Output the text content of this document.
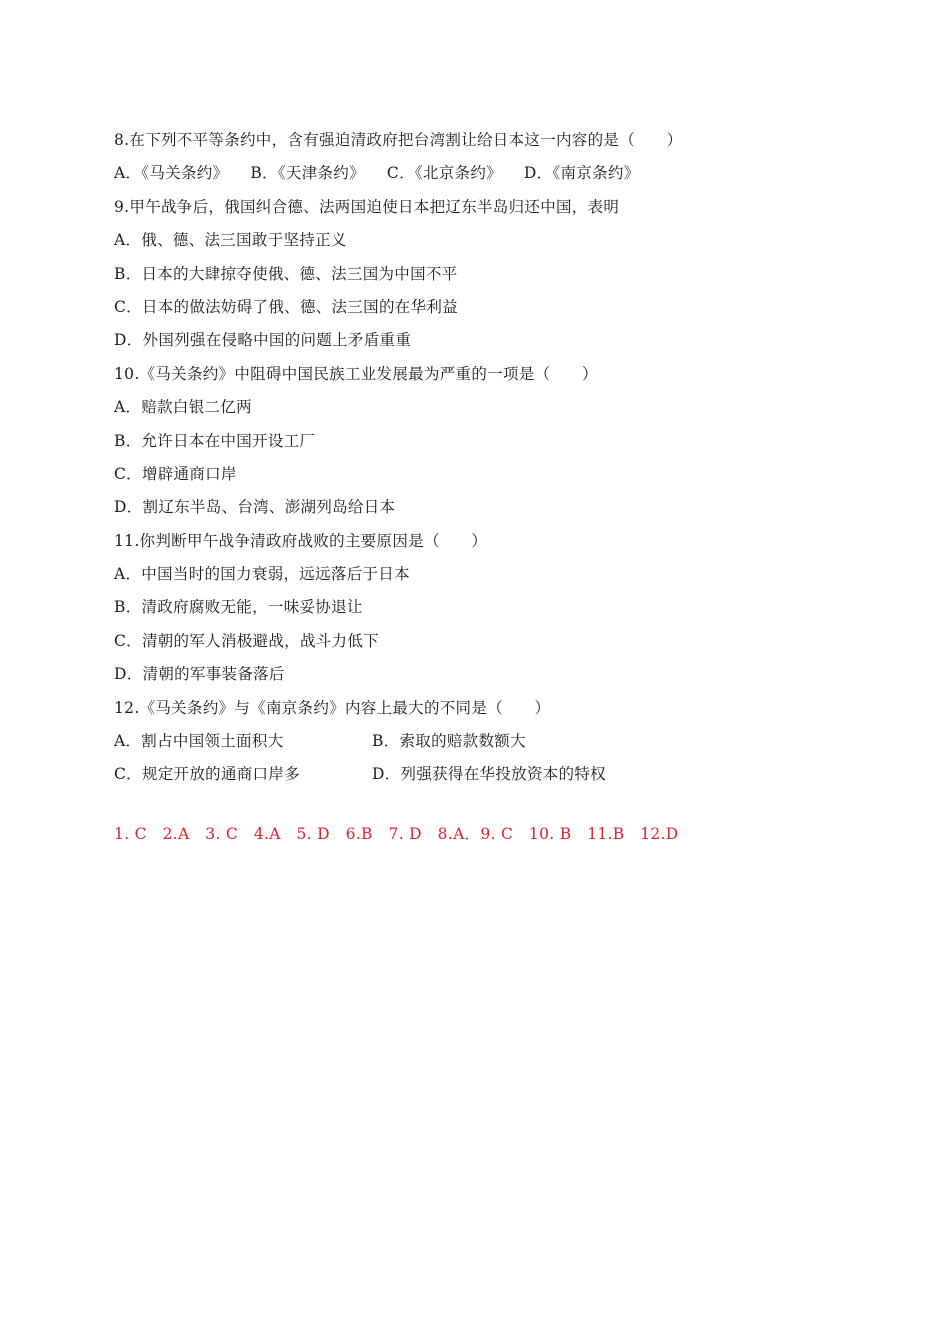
8.在下列不平等条约中，含有强迫清政府把台湾割让给日本这一内容的是（　　）
A．《马关条约》 B．《天津条约》 C．《北京条约》 D．《南京条约》
9.甲午战争后，俄国纠合德、法两国迫使日本把辽东半岛归还中国，表明
A．俄、德、法三国敢于坚持正义
B．日本的大肆掠夺使俄、德、法三国为中国不平
C．日本的做法妨碍了俄、德、法三国的在华利益
D．外国列强在侵略中国的问题上矛盾重重
10.《马关条约》中阻碍中国民族工业发展最为严重的一项是（　　）
A．赔款白银二亿两
B．允许日本在中国开设工厂
C．增辟通商口岸
D．割辽东半岛、台湾、澎湖列岛给日本
11.你判断甲午战争清政府战败的主要原因是（　　）
A．中国当时的国力衰弱，远远落后于日本
B．清政府腐败无能，一味妥协退让
C．清朝的军人消极避战，战斗力低下
D．清朝的军事装备落后
12.《马关条约》与《南京条约》内容上最大的不同是（　　）
A．割占中国领土面积大	B．索取的赔款数额大
C．规定开放的通商口岸多	D．列强获得在华投放资本的特权
1. C　2.A　3. C　4.A　5. D　6.B　7. D　8.A．9. C　10. B　11.B　12.D
